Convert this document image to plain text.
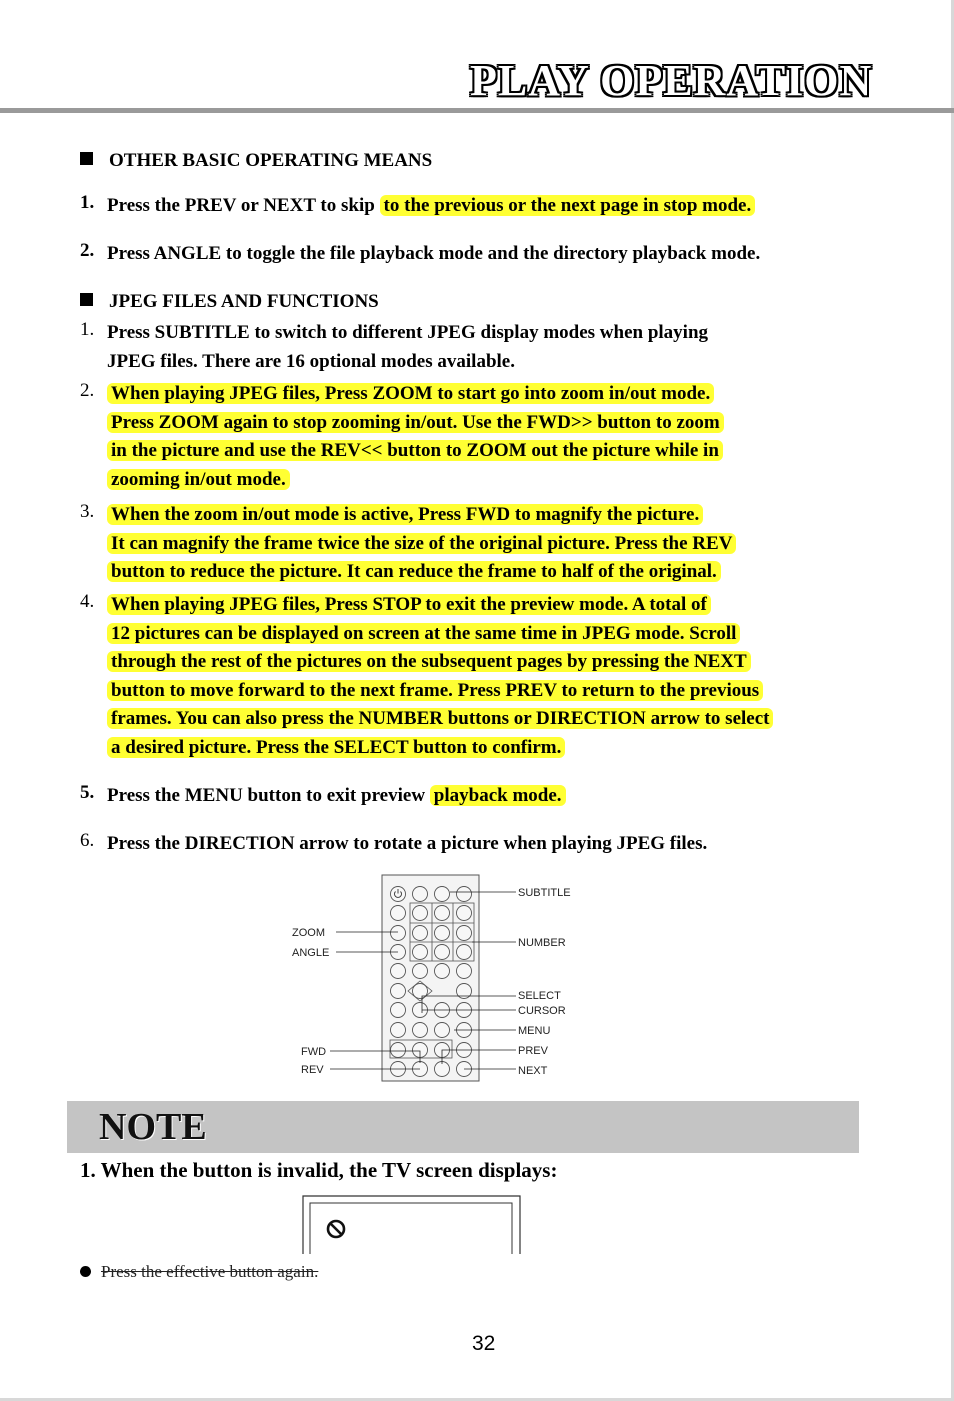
PLAY OPERATION
OTHER BASIC OPERATING MEANS
1. Press the PREV or NEXT to skip to the previous or the next page in stop mode.
2. Press ANGLE to toggle the file playback mode and the directory playback mode.
JPEG FILES AND FUNCTIONS
1. Press SUBTITLE to switch to different JPEG display modes when playing
JPEG files. There are 16 optional modes available.
2. When playing JPEG files, Press ZOOM to start go into zoom in/out mode.
Press ZOOM again to stop zooming in/out. Use the FWD>> button to zoom
in the picture and use the REV<< button to ZOOM out the picture while in
zooming in/out mode.
3. When the zoom in/out mode is active, Press FWD to magnify the picture.
It can magnify the frame twice the size of the original picture. Press the REV
button to reduce the picture. It can reduce the frame to half of the original.
4. When playing JPEG files, Press STOP to exit the preview mode. A total of
12 pictures can be displayed on screen at the same time in JPEG mode. Scroll
through the rest of the pictures on the subsequent pages by pressing the NEXT
button to move forward to the next frame. Press PREV to return to the previous
frames. You can also press the NUMBER buttons or DIRECTION arrow to select
a desired picture. Press the SELECT button to confirm.
5. Press the MENU button to exit preview playback mode.
6. Press the DIRECTION arrow to rotate a picture when playing JPEG files.
SUBTITLE
NUMBER
SELECT
CURSOR
MENU
PREV
NEXT
ZOOM
ANGLE
FWD
REV
NOTE
1. When the button is invalid, the TV screen displays:
Press the effective button again.
32
